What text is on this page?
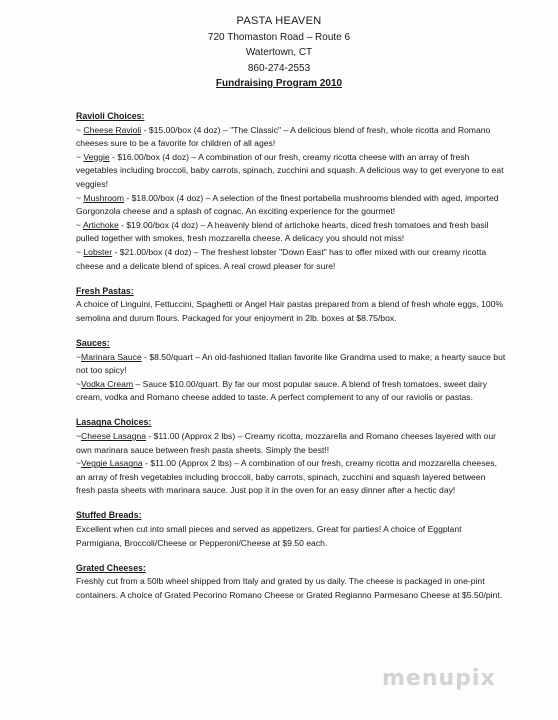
PASTA HEAVEN
720 Thomaston Road – Route 6
Watertown, CT
860-274-2553
Fundraising Program 2010
Ravioli Choices:
~ Cheese Ravioli - $15.00/box (4 doz) – "The Classic" – A delicious blend of fresh, whole ricotta and Romano cheeses sure to be a favorite for children of all ages!
~ Veggie - $16.00/box (4 doz) – A combination of our fresh, creamy ricotta cheese with an array of fresh vegetables including broccoli, baby carrots, spinach, zucchini and squash. A delicious way to get everyone to eat veggies!
~ Mushroom - $18.00/box (4 doz) – A selection of the finest portabella mushrooms blended with aged, imported Gorgonzola cheese and a splash of cognac. An exciting experience for the gourmet!
~ Artichoke - $19.00/box (4 doz) – A heavenly blend of artichoke hearts, diced fresh tomatoes and fresh basil pulled together with smokes, fresh mozzarella cheese. A delicacy you should not miss!
~ Lobster - $21.00/box (4 doz) – The freshest lobster "Down East" has to offer mixed with our creamy ricotta cheese and a delicate blend of spices. A real crowd pleaser for sure!
Fresh Pastas:
A choice of Linguini, Fettuccini, Spaghetti or Angel Hair pastas prepared from a blend of fresh whole eggs, 100% semolina and durum flours. Packaged for your enjoyment in 2lb. boxes at $8.75/box.
Sauces:
~Marinara Sauce - $8.50/quart – An old-fashioned Italian favorite like Grandma used to make; a hearty sauce but not too spicy!
~Vodka Cream – Sauce $10.00/quart. By far our most popular sauce. A blend of fresh tomatoes, sweet dairy cream, vodka and Romano cheese added to taste. A perfect complement to any of our raviolis or pastas.
Lasagna Choices:
~Cheese Lasagna - $11.00 (Approx 2 lbs) – Creamy ricotta, mozzarella and Romano cheeses layered with our own marinara sauce between fresh pasta sheets. Simply the best!!
~Veggie Lasagna - $11.00 (Approx 2 lbs) – A combination of our fresh, creamy ricotta and mozzarella cheeses, an array of fresh vegetables including broccoli, baby carrots, spinach, zucchini and squash layered between fresh pasta sheets with marinara sauce. Just pop it in the oven for an easy dinner after a hectic day!
Stuffed Breads:
Excellent when cut into small pieces and served as appetizers. Great for parties! A choice of Eggplant Parmigiana, Broccoli/Cheese or Pepperoni/Cheese at $9.50 each.
Grated Cheeses:
Freshly cut from a 50lb wheel shipped from Italy and grated by us daily. The cheese is packaged in one-pint containers. A choice of Grated Pecorino Romano Cheese or Grated Regianno Parmesano Cheese at $5.50/pint.
menupix
